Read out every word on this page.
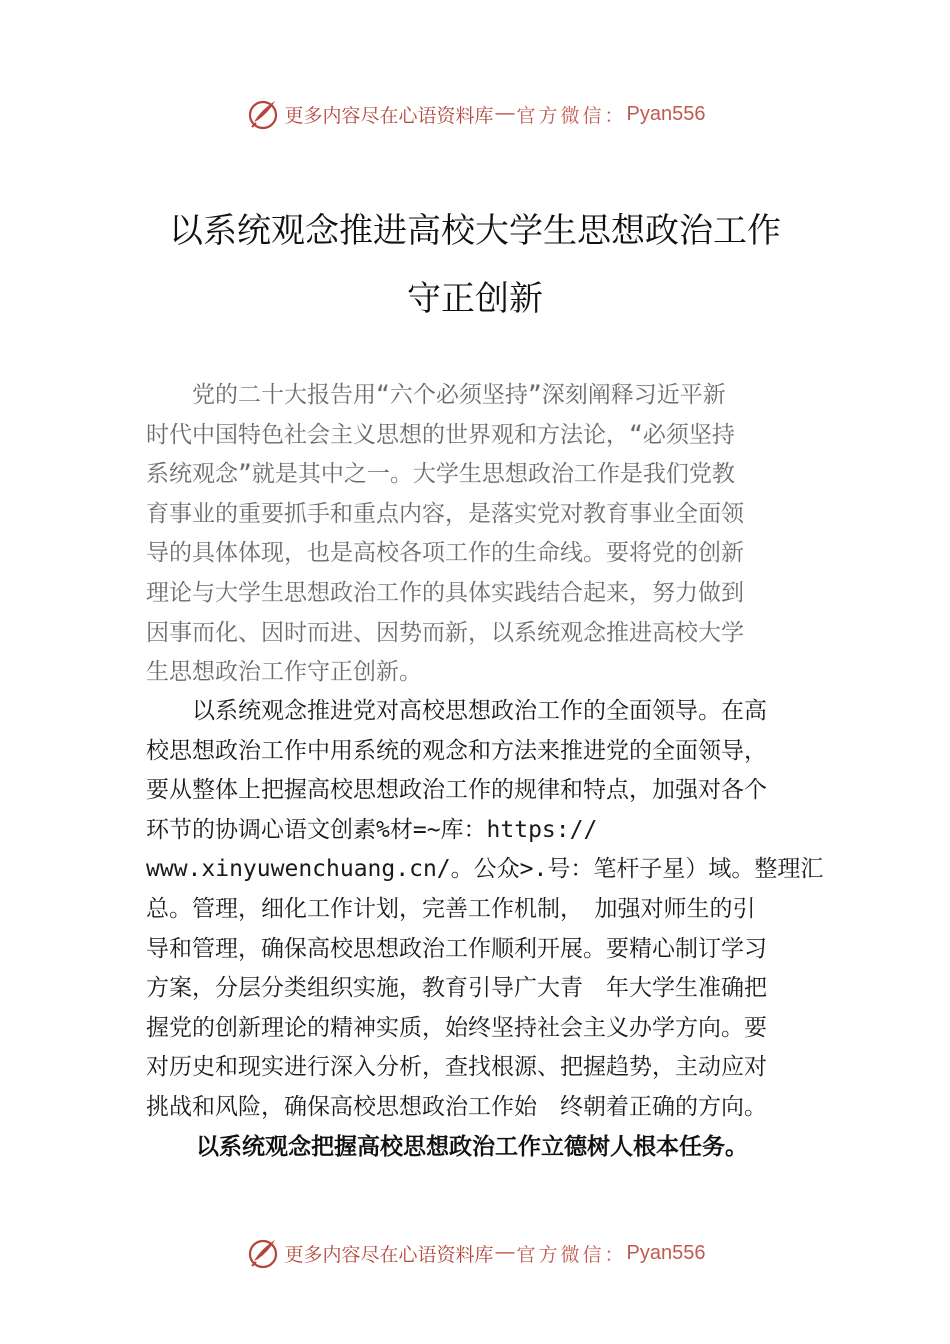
更多内容尽在心语资料库 — 官方微信： Pyan556
以系统观念推进高校大学生思想政治工作
守正创新
　　党的二十大报告用“六个必须坚持”深刻阐释习近平新
时代中国特色社会主义思想的世界观和方法论，“必须坚持
系统观念”就是其中之一。大学生思想政治工作是我们党教
育事业的重要抓手和重点内容，是落实党对教育事业全面领
导的具体体现，也是高校各项工作的生命线。要将党的创新
理论与大学生思想政治工作的具体实践结合起来，努力做到
因事而化、因时而进、因势而新，以系统观念推进高校大学
生思想政治工作守正创新。
　　以系统观念推进党对高校思想政治工作的全面领导。在高
校思想政治工作中用系统的观念和方法来推进党的全面领导，
要从整体上把握高校思想政治工作的规律和特点，加强对各个
环节的协调心语文创素%材=~库：https://
www.xinyuwenchuang.cn/。公众>.号：笔杆子星）域。整理汇
总。管理，细化工作计划，完善工作机制，　加强对师生的引
导和管理，确保高校思想政治工作顺利开展。要精心制订学习
方案，分层分类组织实施，教育引导广大青　年大学生准确把
握党的创新理论的精神实质，始终坚持社会主义办学方向。要
对历史和现实进行深入分析，查找根源、把握趋势，主动应对
挑战和风险，确保高校思想政治工作始　终朝着正确的方向。

以系统观念把握高校思想政治工作立德树人根本任务。

更多内容尽在心语资料库 — 官方微信： Pyan556
